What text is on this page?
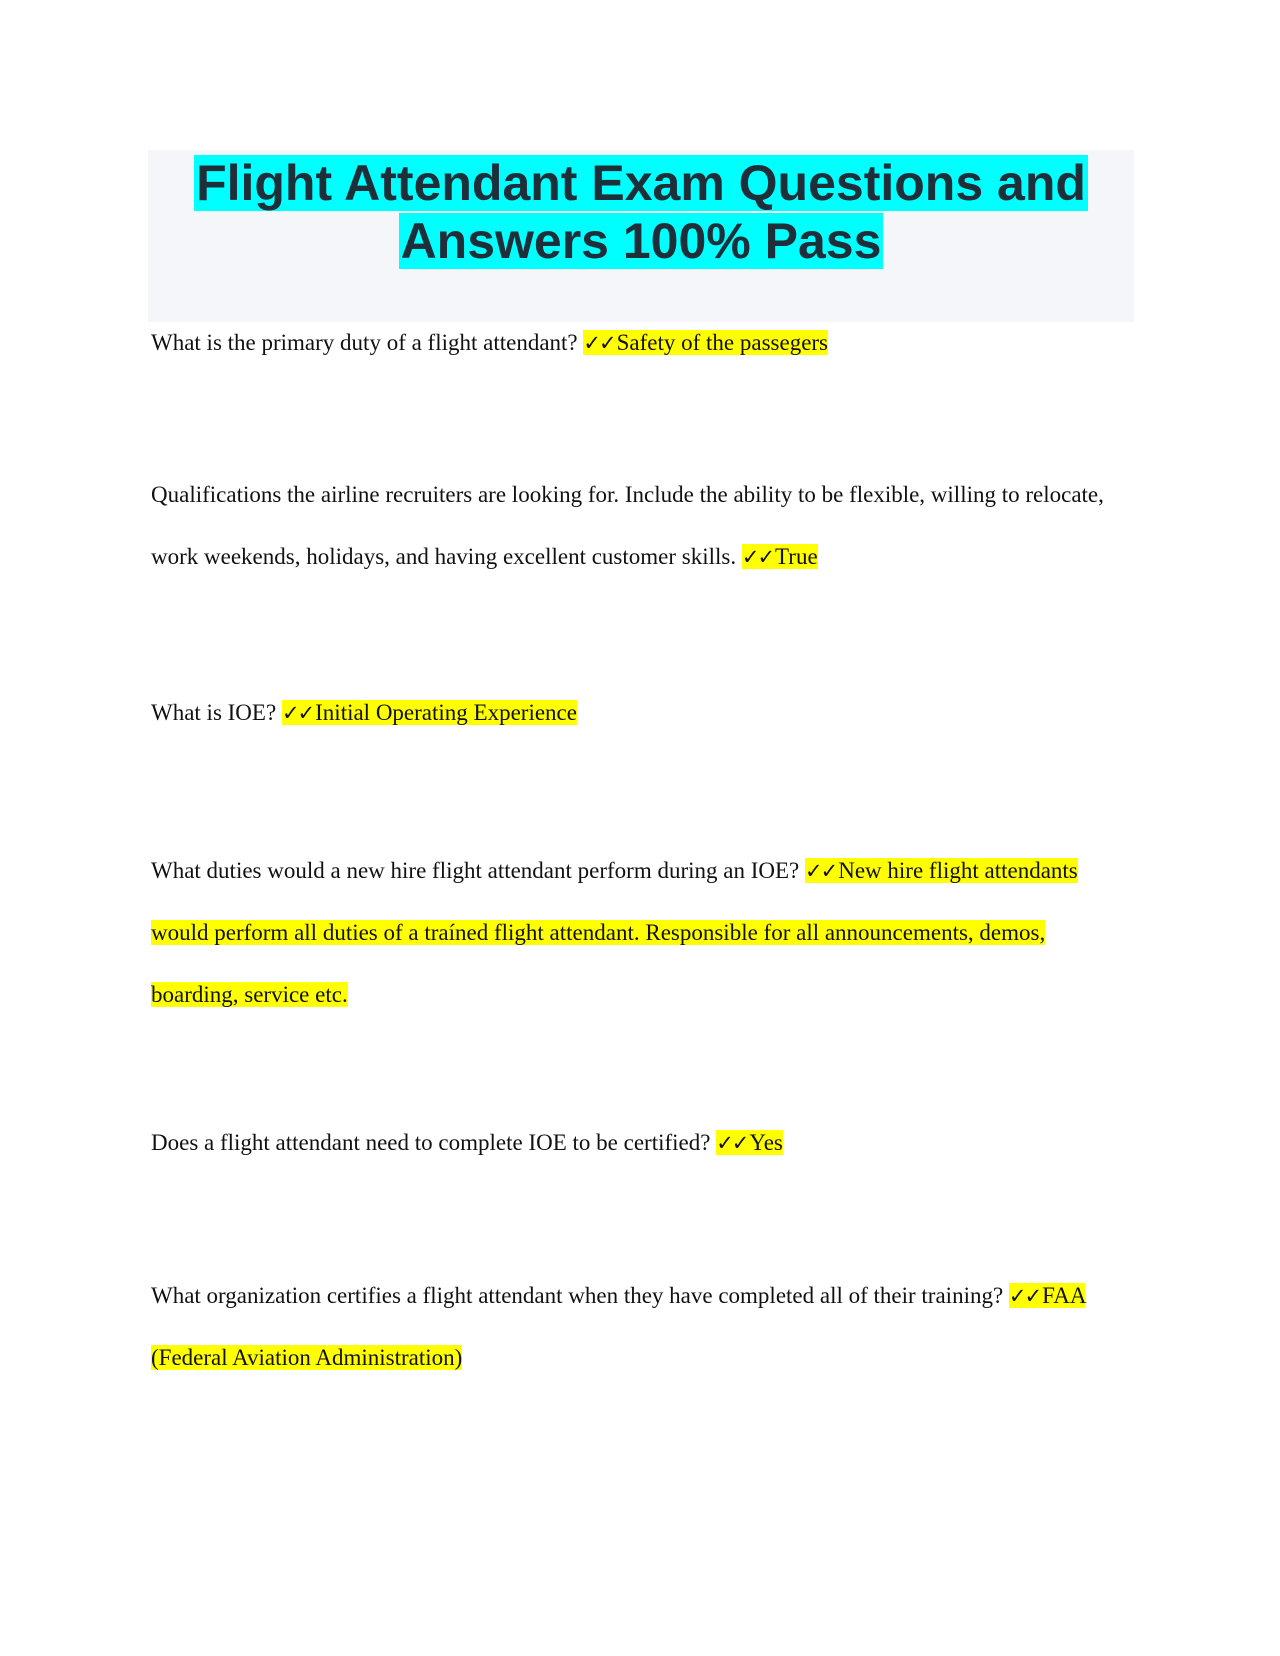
Flight Attendant Exam Questions and Answers 100% Pass
What is the primary duty of a flight attendant? ✓✓Safety of the passegers
Qualifications the airline recruiters are looking for. Include the ability to be flexible, willing to relocate, work weekends, holidays, and having excellent customer skills. ✓✓True
What is IOE? ✓✓Initial Operating Experience
What duties would a new hire flight attendant perform during an IOE? ✓✓New hire flight attendants would perform all duties of a traíned flight attendant. Responsible for all announcements, demos, boarding, service etc.
Does a flight attendant need to complete IOE to be certified? ✓✓Yes
What organization certifies a flight attendant when they have completed all of their training? ✓✓FAA (Federal Aviation Administration)
